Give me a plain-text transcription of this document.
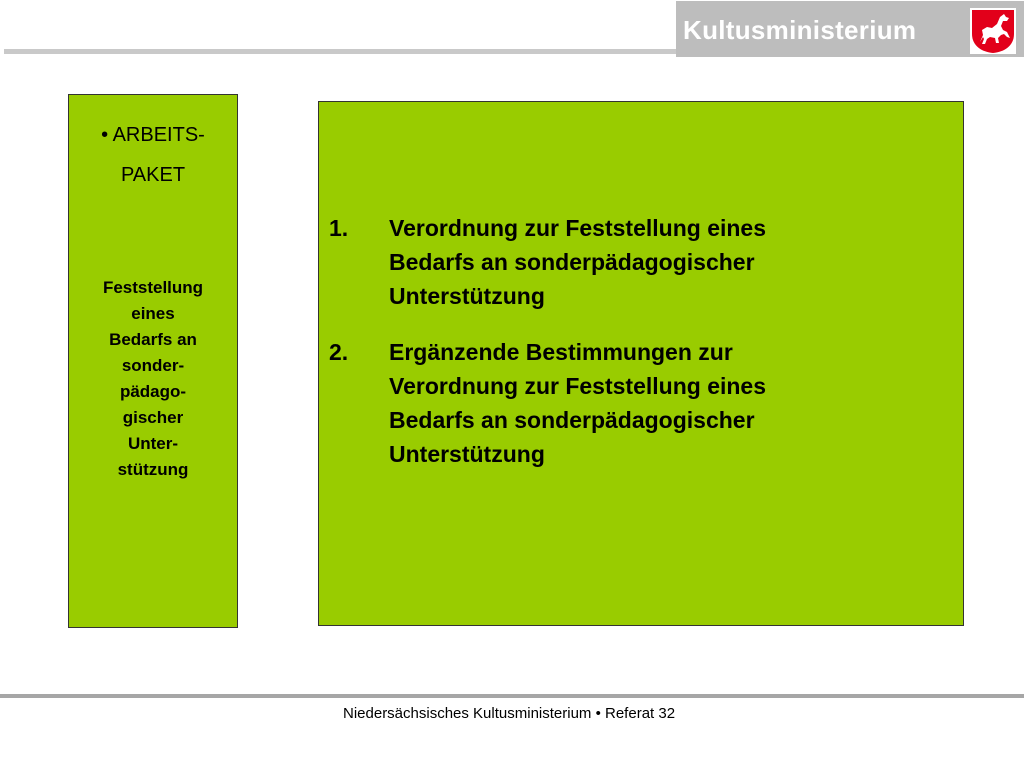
Kultusministerium
• ARBEITS-
PAKET
Feststellung
eines
Bedarfs an
sonder-
pädago-
gischer
Unter-
stützung
1. Verordnung zur Feststellung eines
Bedarfs an sonderpädagogischer
Unterstützung
2. Ergänzende Bestimmungen zur
Verordnung zur Feststellung eines
Bedarfs an sonderpädagogischer
Unterstützung
Niedersächsisches Kultusministerium • Referat 32
